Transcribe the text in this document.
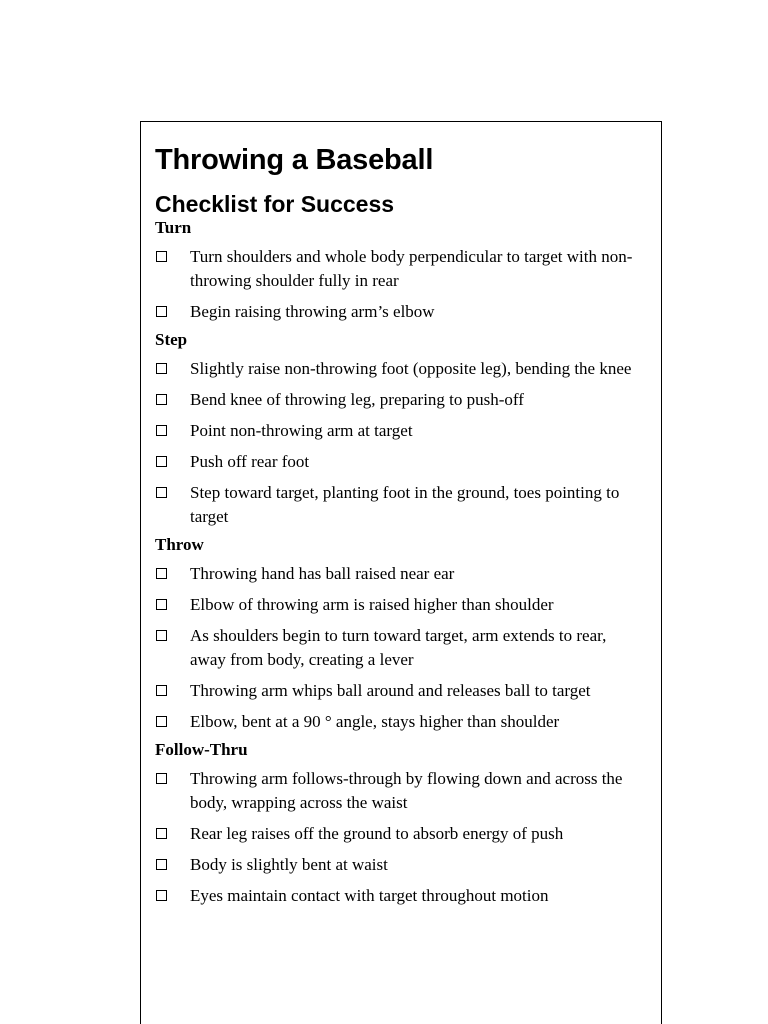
Throwing a Baseball
Checklist for Success
Turn
Turn shoulders and whole body perpendicular to target with non-throwing shoulder fully in rear
Begin raising throwing arm’s elbow
Step
Slightly raise non-throwing foot (opposite leg), bending the knee
Bend knee of throwing leg, preparing to push-off
Point non-throwing arm at target
Push off rear foot
Step toward target, planting foot in the ground, toes pointing to target
Throw
Throwing hand has ball raised near ear
Elbow of throwing arm is raised higher than shoulder
As shoulders begin to turn toward target, arm extends to rear, away from body, creating a lever
Throwing arm whips ball around and releases ball to target
Elbow, bent at a 90 ° angle, stays higher than shoulder
Follow-Thru
Throwing arm follows-through by flowing down and across the body, wrapping across the waist
Rear leg raises off the ground to absorb energy of push
Body is slightly bent at waist
Eyes maintain contact with target throughout motion
